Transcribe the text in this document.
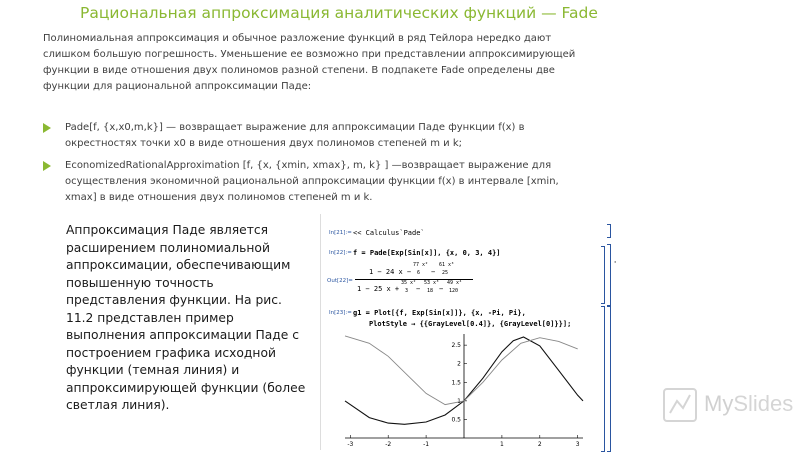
Рациональная аппроксимация аналитических функций — Fade
Полиномиальная аппроксимация и обычное разложение функций в ряд Тейлора нередко дают слишком большую погрешность. Уменьшение ее возможно при представлении аппроксимирующей функции в виде отношения двух полиномов разной степени. В подпакете Fade определены две функции для рациональной аппроксимации Паде:
Pade[f, {x,x0,m,k}] — возвращает выражение для аппроксимации Паде функции f(x) в окрестностях точки x0 в виде отношения двух полиномов степеней m и k;
EconomizedRationalApproximation [f, {x, {xmin, xmax}, m, k} ] —возвращает выражение для осуществления экономичной рациональной аппроксимации функции f(x) в интервале [xmin, xmax] в виде отношения двух полиномов степеней m и k.
Аппроксимация Паде является расширением полиномиальной аппроксимации, обеспечивающим повышенную точность представления функции. На рис. 11.2 представлен пример выполнения аппроксимации Паде с построением графика исходной функции (темная линия) и аппроксимирующей функции (более светлая линия).
In[21]:= << Calculus`Pade`
In[22]:= f = Pade[Exp[Sin[x]], {x, 0, 3, 4}]
Out[22]=
1 − 24 x −
77 x²
6 −
61 x³
25
1 − 25 x +
35 x²
3 −
53 x³
18 −
49 x⁴
120
'
In[23]:= g1 = Plot[{f, Exp[Sin[x]]}, {x, -Pi, Pi},
PlotStyle → {{GrayLevel[0.4]}, {GrayLevel[0]}}];
-3	-2	-1	1	2	3
0.5
1
1.5
2
2.5
MySlides
